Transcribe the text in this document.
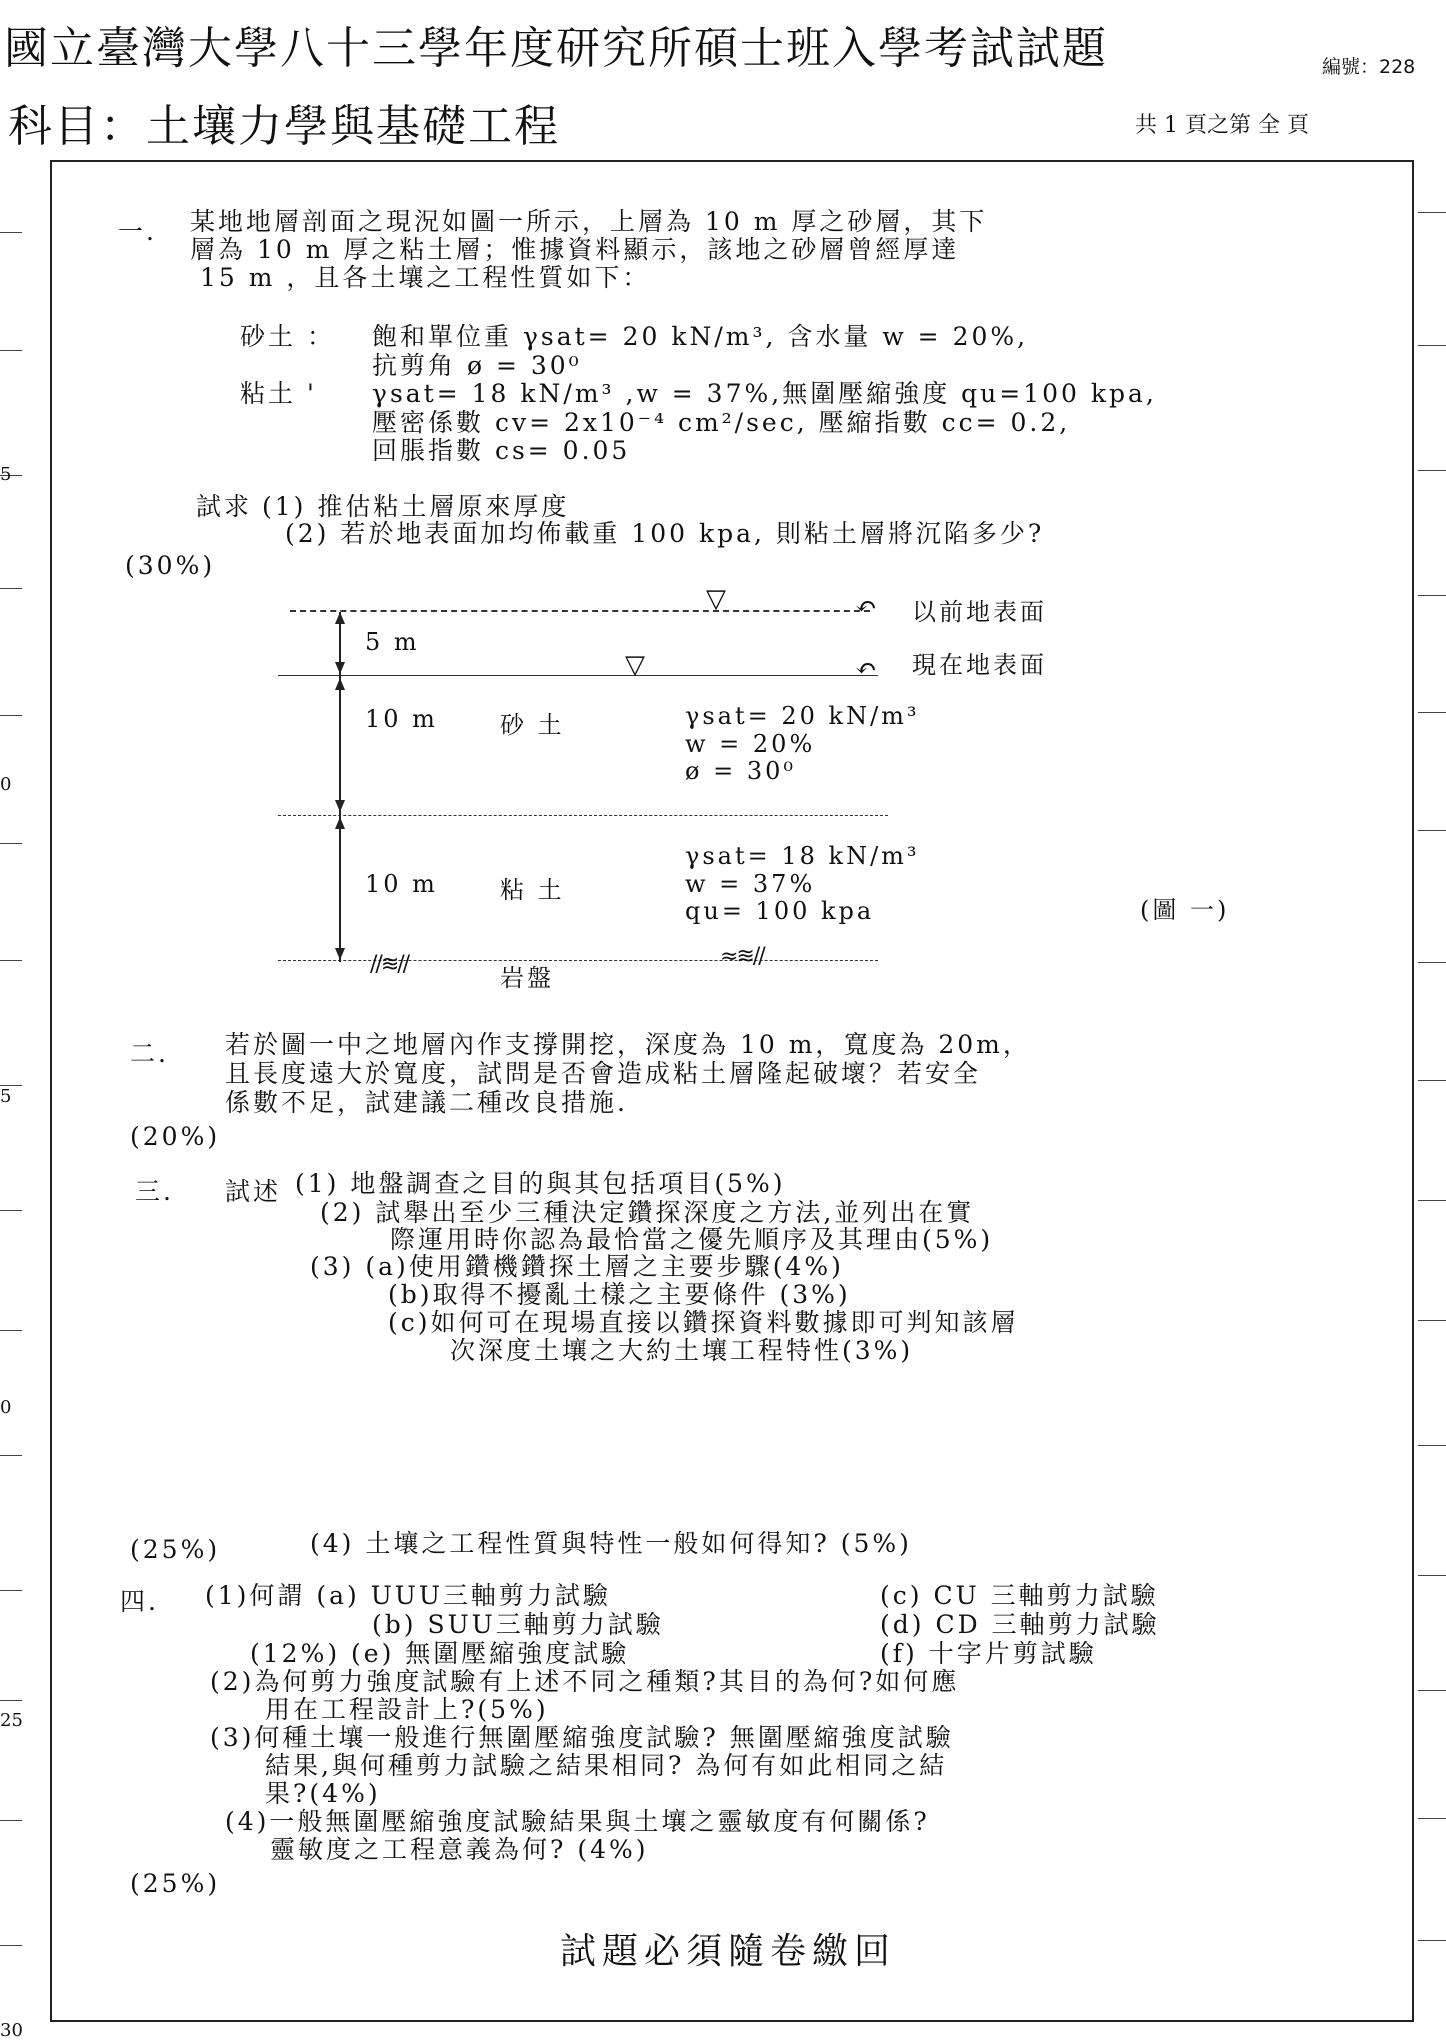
國立臺灣大學八十三學年度研究所碩士班入學考試試題	編號：228
科目：土壤力學與基礎工程	共 1 頁之第 全 頁
5
0
5
0
25
30
一. 某地地層剖面之現況如圖一所示，上層為 10 m 厚之砂層，其下
層為 10 m 厚之粘土層；惟據資料顯示，該地之砂層曾經厚達
15 m ，且各土壤之工程性質如下：
砂土 ： 飽和單位重 γsat= 20 kN/m³, 含水量 w = 20%,
抗剪角 ø = 30⁰
粘土 ' γsat= 18 kN/m³ ,w = 37%,無圍壓縮強度 qu=100 kpa,
壓密係數 cv= 2x10⁻⁴ cm²/sec, 壓縮指數 cc= 0.2,
回脹指數 cs= 0.05
試求 (1) 推估粘土層原來厚度
(2) 若於地表面加均佈載重 100 kpa, 則粘土層將沉陷多少?
(30%)
▽
▽
↶
↶
以前地表面
現在地表面
5 m
10 m	砂 土	γsat= 20 kN/m³
w = 20%
ø = 30⁰
10 m	粘 土
γsat= 18 kN/m³
w = 37%
qu= 100 kpa	(圖 一)
//≋//	≈≋//
岩盤
二. 若於圖一中之地層內作支撐開挖，深度為 10 m，寬度為 20m，
且長度遠大於寬度，試問是否會造成粘土層隆起破壞？若安全
係數不足，試建議二種改良措施.
(20%)
三. 試述 (1) 地盤調查之目的與其包括項目(5%)
(2) 試舉出至少三種決定鑽探深度之方法,並列出在實
際運用時你認為最恰當之優先順序及其理由(5%)
(3) (a)使用鑽機鑽探土層之主要步驟(4%)
(b)取得不擾亂土樣之主要條件 (3%)
(c)如何可在現場直接以鑽探資料數據即可判知該層
次深度土壤之大約土壤工程特性(3%)
(25%)	(4) 土壤之工程性質與特性一般如何得知? (5%)
四. (1)何謂 (a) UUU三軸剪力試驗	(c) CU 三軸剪力試驗
(b) SUU三軸剪力試驗	(d) CD 三軸剪力試驗
(12%) (e) 無圍壓縮強度試驗	(f) 十字片剪試驗
(2)為何剪力強度試驗有上述不同之種類?其目的為何?如何應
用在工程設計上?(5%)
(3)何種土壤一般進行無圍壓縮強度試驗? 無圍壓縮強度試驗
結果,與何種剪力試驗之結果相同? 為何有如此相同之結
果?(4%)
(4)一般無圍壓縮強度試驗結果與土壤之靈敏度有何關係?
靈敏度之工程意義為何? (4%)
(25%)
試題必須隨卷繳回
